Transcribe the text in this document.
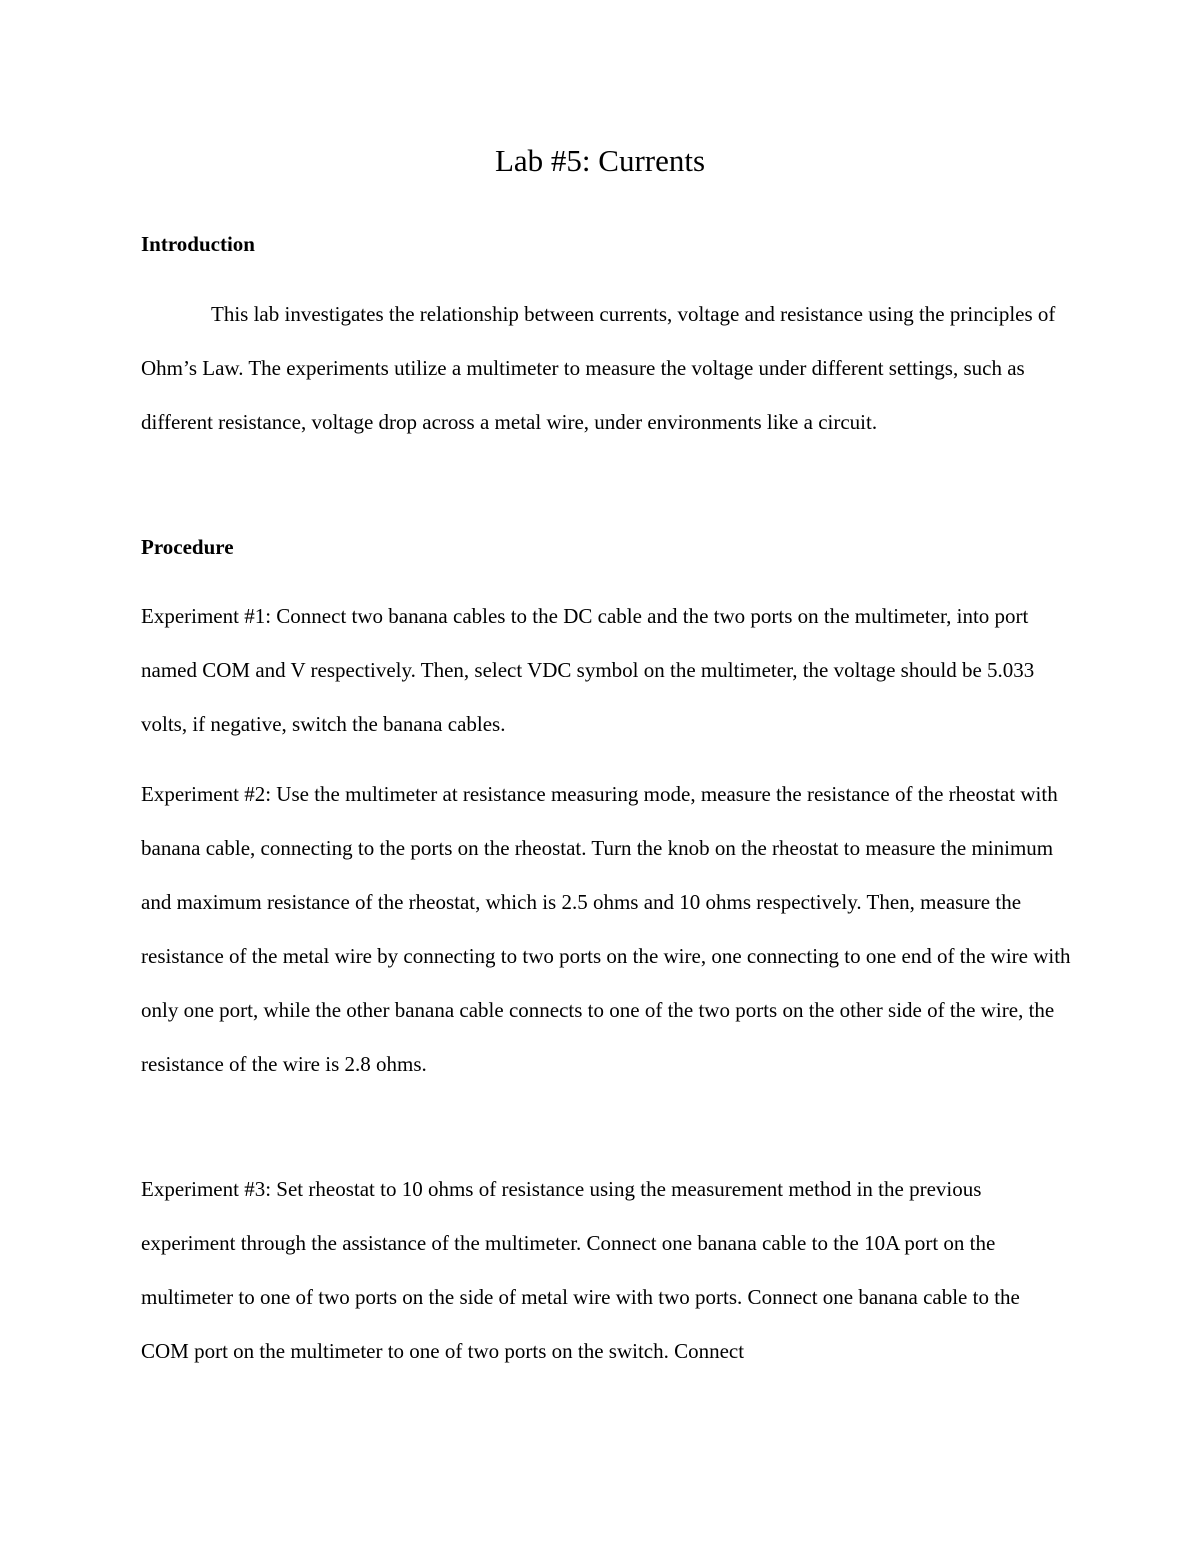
Lab #5: Currents
Introduction

This lab investigates the relationship between currents, voltage and resistance using the principles of Ohm’s Law. The experiments utilize a multimeter to measure the voltage under different settings, such as different resistance, voltage drop across a metal wire, under environments like a circuit.

Procedure

Experiment #1: Connect two banana cables to the DC cable and the two ports on the multimeter, into port named COM and V respectively. Then, select VDC symbol on the multimeter, the voltage should be 5.033 volts, if negative, switch the banana cables.

Experiment #2: Use the multimeter at resistance measuring mode, measure the resistance of the rheostat with banana cable, connecting to the ports on the rheostat. Turn the knob on the rheostat to measure the minimum and maximum resistance of the rheostat, which is 2.5 ohms and 10 ohms respectively. Then, measure the resistance of the metal wire by connecting to two ports on the wire, one connecting to one end of the wire with only one port, while the other banana cable connects to one of the two ports on the other side of the wire, the resistance of the wire is 2.8 ohms.

Experiment #3: Set rheostat to 10 ohms of resistance using the measurement method in the previous experiment through the assistance of the multimeter. Connect one banana cable to the 10A port on the multimeter to one of two ports on the side of metal wire with two ports. Connect one banana cable to the COM port on the multimeter to one of two ports on the switch. Connect
